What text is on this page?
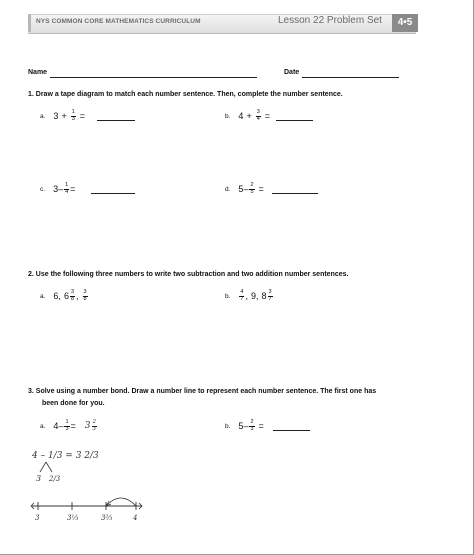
NYS COMMON CORE MATHEMATICS CURRICULUM	Lesson 22 Problem Set	4•5
Name	Date
1. Draw a tape diagram to match each number sentence. Then, complete the number sentence.
a. $3 + \frac{1}{3}$ =	b. $4 + \frac{3}{4}$ =
c. $3 - \frac{1}{4}$ =	d. $5 - \frac{2}{5}$ =
2. Use the following three numbers to write two subtraction and two addition number sentences.
a. 6, $6 \frac{3}{8}$ , $\frac{3}{8}$	b. $\frac{4}{7}$ , 9, $8 \frac{3}{7}$
3. Solve using a number bond. Draw a number line to represent each number sentence. The first one has
been done for you.
a. $4 - \frac{1}{3} = 3 \frac{2}{3}$	b. $5 - \frac{2}{3}$ =
4 – 1/3 = 3 2/3
3 2/3
3	3⅓	3⅔	4
